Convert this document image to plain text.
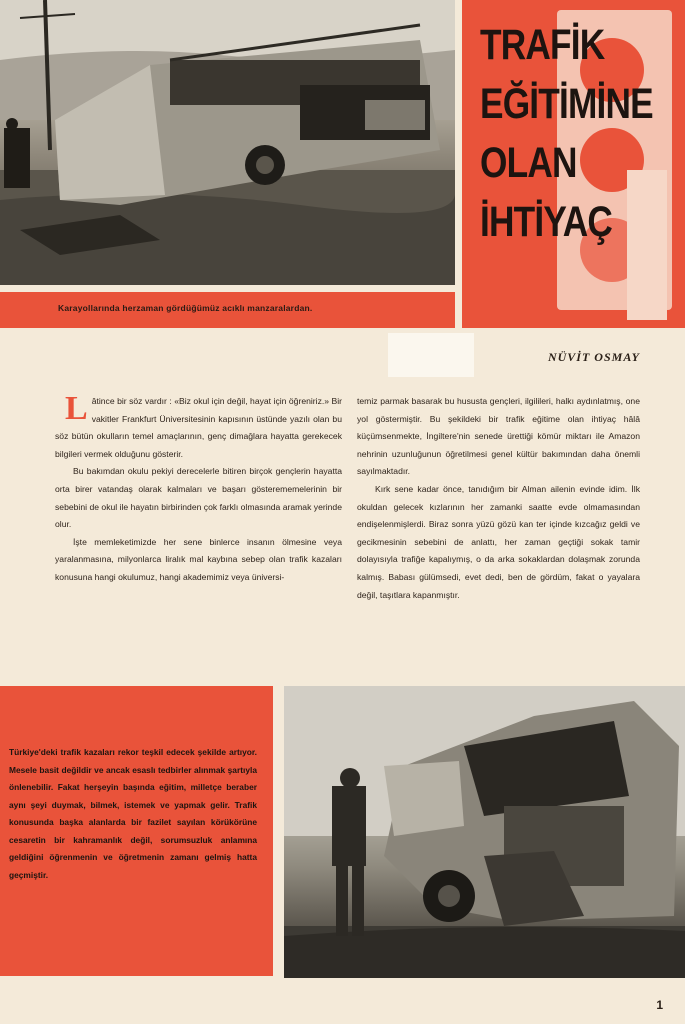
Karayollarında herzaman gördüğümüz acıklı manzaralardan.
TRAFİK
EĞİTİMİNE
OLAN
İHTİYAÇ
NÜVİT OSMAY
L âtince bir söz vardır : «Biz okul için değil, hayat için öğreniriz.» Bir vakitler Frankfurt Üniversitesinin kapısının üstünde yazılı olan bu söz bütün okulların temel amaçlarının, genç dimağlara hayatta gerekecek bilgileri vermek olduğunu gösterir.

Bu bakımdan okulu pekiyi derecelerle bitiren birçok gençlerin hayatta orta birer vatandaş olarak kalmaları ve başarı gösterememelerinin bir sebebini de okul ile hayatın birbirinden çok farklı olmasında aramak yerinde olur.

İşte memleketimizde her sene binlerce insanın ölmesine veya yaralanmasına, milyonlarca liralık mal kaybına sebep olan trafik kazaları konusuna hangi okulumuz, hangi akademimiz veya üniversi-

temiz parmak basarak bu hususta gençleri, ilgilileri, halkı aydınlatmış, one yol göstermiştir. Bu şekildeki bir trafik eğitime olan ihtiyaç hâlâ küçümsenmekte, İngiltere'nin senede ürettiği kömür miktarı ile Amazon nehrinin uzunluğunun öğretilmesi genel kültür bakımından daha önemli sayılmaktadır.

Kırk sene kadar önce, tanıdığım bir Alman ailenin evinde idim. İlk okuldan gelecek kızlarının her zamanki saatte evde olmamasından endişelenmişlerdi. Biraz sonra yüzü gözü kan ter içinde kızcağız geldi ve gecikmesinin sebebini de anlattı, her zaman geçtiği sokak tamir dolayısıyla trafiğe kapalıymış, o da arka sokaklardan dolaşmak zorunda kalmış. Babası gülümsedi, evet dedi, ben de gördüm, fakat o yayalara değil, taşıtlara kapanmıştır.

Türkiye'deki trafik kazaları rekor teşkil edecek şekilde artıyor. Mesele basit değildir ve ancak esaslı tedbirler alınmak şartıyla önlenebilir. Fakat herşeyin başında eğitim, milletçe beraber aynı şeyi duymak, bilmek, istemek ve yapmak gelir. Trafik konusunda başka alanlarda bir fazilet sayılan körükörüne cesaretin bir kahramanlık değil, sorumsuzluk anlamına geldiğini öğrenmenin ve öğretmenin zamanı gelmiş hatta geçmiştir.
1
